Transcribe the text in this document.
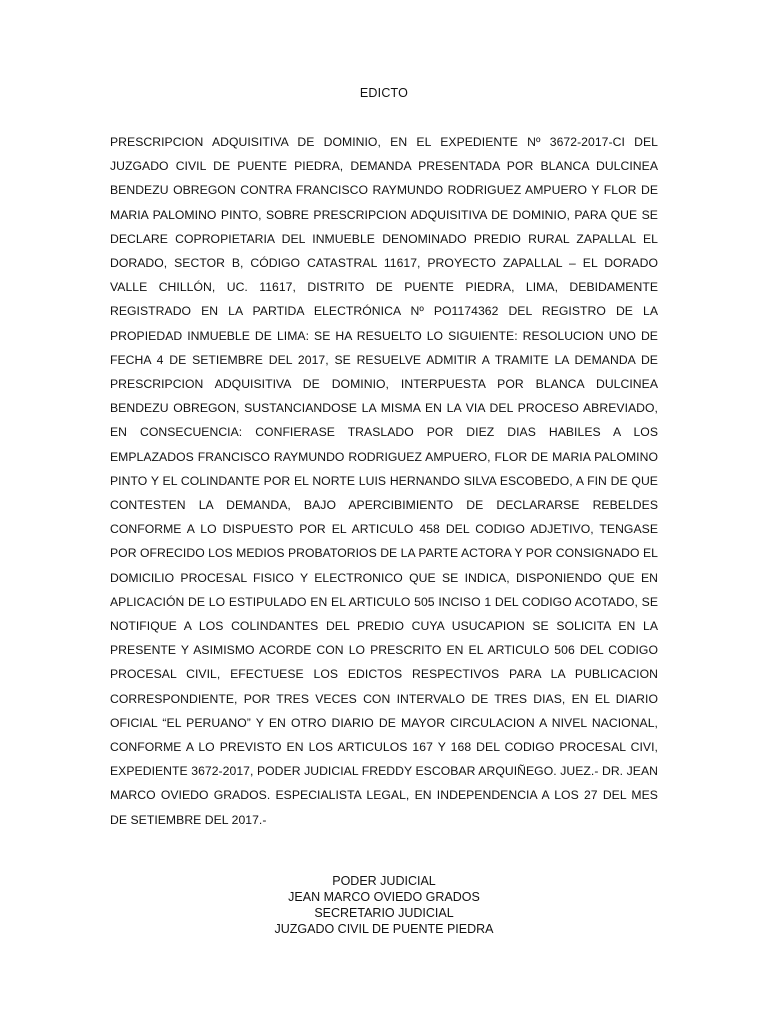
EDICTO
PRESCRIPCION ADQUISITIVA DE DOMINIO, EN EL EXPEDIENTE Nº 3672-2017-CI DEL JUZGADO CIVIL DE PUENTE PIEDRA, DEMANDA PRESENTADA POR BLANCA DULCINEA BENDEZU OBREGON CONTRA FRANCISCO RAYMUNDO RODRIGUEZ AMPUERO Y FLOR DE MARIA PALOMINO PINTO, SOBRE PRESCRIPCION ADQUISITIVA DE DOMINIO, PARA QUE SE DECLARE COPROPIETARIA DEL INMUEBLE DENOMINADO PREDIO RURAL ZAPALLAL EL DORADO, SECTOR B, CÓDIGO CATASTRAL 11617, PROYECTO ZAPALLAL – EL DORADO VALLE CHILLÓN, UC. 11617, DISTRITO DE PUENTE PIEDRA, LIMA, DEBIDAMENTE REGISTRADO EN LA PARTIDA ELECTRÓNICA Nº PO1174362 DEL REGISTRO DE LA PROPIEDAD INMUEBLE DE LIMA: SE HA RESUELTO LO SIGUIENTE: RESOLUCION UNO DE FECHA 4 DE SETIEMBRE DEL 2017, SE RESUELVE ADMITIR A TRAMITE LA DEMANDA DE PRESCRIPCION ADQUISITIVA DE DOMINIO, INTERPUESTA POR BLANCA DULCINEA BENDEZU OBREGON, SUSTANCIANDOSE LA MISMA EN LA VIA DEL PROCESO ABREVIADO, EN CONSECUENCIA: CONFIERASE TRASLADO POR DIEZ DIAS HABILES A LOS EMPLAZADOS FRANCISCO RAYMUNDO RODRIGUEZ AMPUERO, FLOR DE MARIA PALOMINO PINTO Y EL COLINDANTE POR EL NORTE LUIS HERNANDO SILVA ESCOBEDO, A FIN DE QUE CONTESTEN LA DEMANDA, BAJO APERCIBIMIENTO DE DECLARARSE REBELDES CONFORME A LO DISPUESTO POR EL ARTICULO 458 DEL CODIGO ADJETIVO, TENGASE POR OFRECIDO LOS MEDIOS PROBATORIOS DE LA PARTE ACTORA Y POR CONSIGNADO EL DOMICILIO PROCESAL FISICO Y ELECTRONICO QUE SE INDICA, DISPONIENDO QUE EN APLICACIÓN DE LO ESTIPULADO EN EL ARTICULO 505 INCISO 1 DEL CODIGO ACOTADO, SE NOTIFIQUE A LOS COLINDANTES DEL PREDIO CUYA USUCAPION SE SOLICITA EN LA PRESENTE Y ASIMISMO ACORDE CON LO PRESCRITO EN EL ARTICULO 506 DEL CODIGO PROCESAL CIVIL, EFECTUESE LOS EDICTOS RESPECTIVOS PARA LA PUBLICACION CORRESPONDIENTE, POR TRES VECES CON INTERVALO DE TRES DIAS, EN EL DIARIO OFICIAL “EL PERUANO” Y EN OTRO DIARIO DE MAYOR CIRCULACION A NIVEL NACIONAL, CONFORME A LO PREVISTO EN LOS ARTICULOS 167 Y 168 DEL CODIGO PROCESAL CIVI, EXPEDIENTE 3672-2017, PODER JUDICIAL FREDDY ESCOBAR ARQUIÑEGO. JUEZ.- DR. JEAN MARCO OVIEDO GRADOS. ESPECIALISTA LEGAL, EN INDEPENDENCIA A LOS 27 DEL MES DE SETIEMBRE DEL 2017.-
PODER JUDICIAL
JEAN MARCO OVIEDO GRADOS
SECRETARIO JUDICIAL
JUZGADO CIVIL DE PUENTE PIEDRA
